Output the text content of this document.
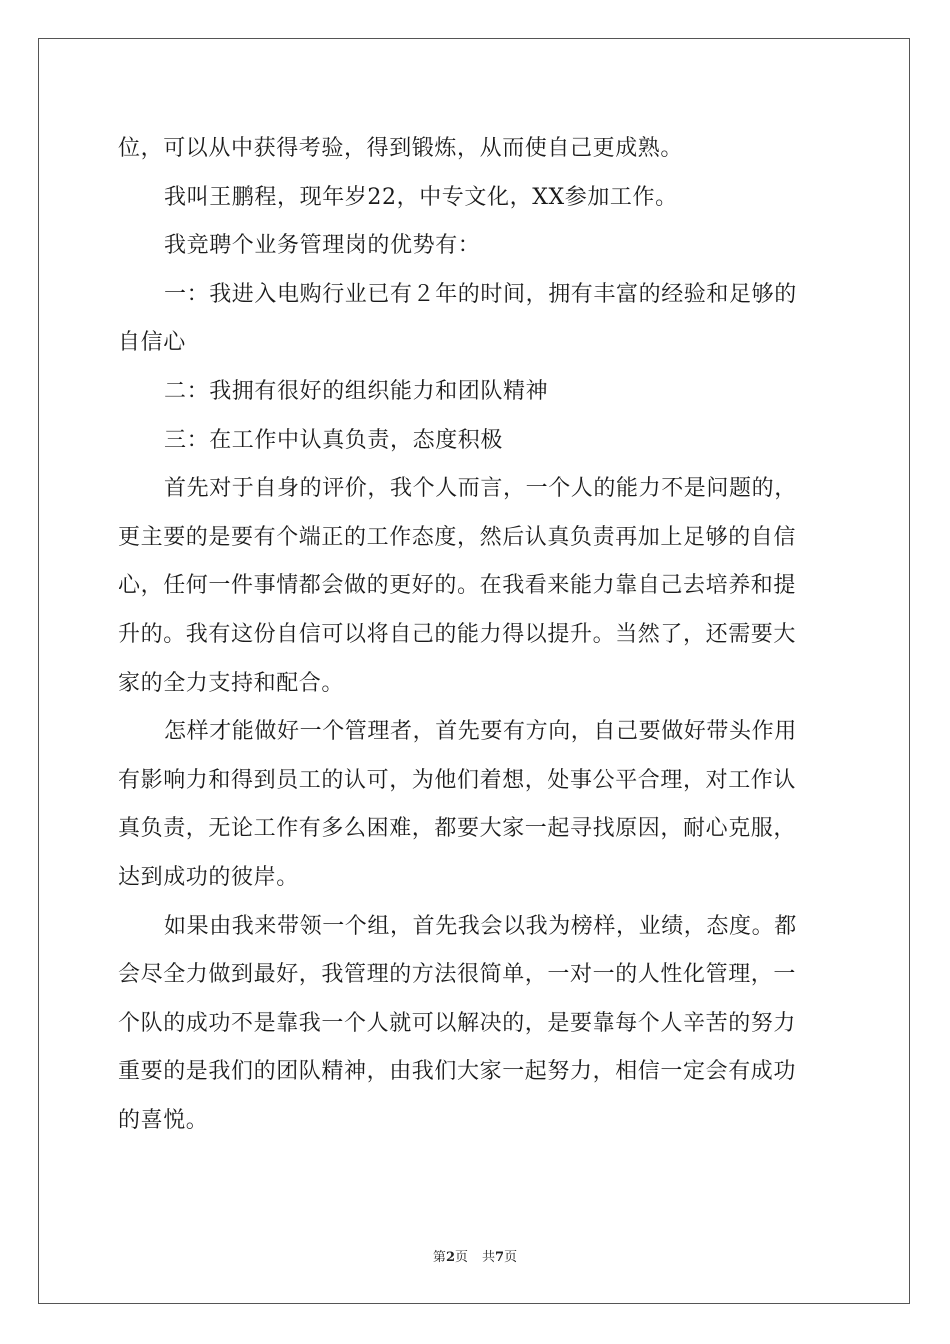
位，可以从中获得考验，得到锻炼，从而使自己更成熟。
我叫王鹏程，现年岁22，中专文化，XX参加工作。
我竞聘个业务管理岗的优势有：
一：我进入电购行业已有２年的时间，拥有丰富的经验和足够的
自信心
二：我拥有很好的组织能力和团队精神
三：在工作中认真负责，态度积极
首先对于自身的评价，我个人而言，一个人的能力不是问题的，
更主要的是要有个端正的工作态度，然后认真负责再加上足够的自信
心，任何一件事情都会做的更好的。在我看来能力靠自己去培养和提
升的。我有这份自信可以将自己的能力得以提升。当然了，还需要大
家的全力支持和配合。
怎样才能做好一个管理者，首先要有方向，自己要做好带头作用
有影响力和得到员工的认可，为他们着想，处事公平合理，对工作认
真负责，无论工作有多么困难，都要大家一起寻找原因，耐心克服，
达到成功的彼岸。
如果由我来带领一个组，首先我会以我为榜样，业绩，态度。都
会尽全力做到最好，我管理的方法很简单，一对一的人性化管理，一
个队的成功不是靠我一个人就可以解决的，是要靠每个人辛苦的努力
重要的是我们的团队精神，由我们大家一起努力，相信一定会有成功
的喜悦。
第2页 共7页
